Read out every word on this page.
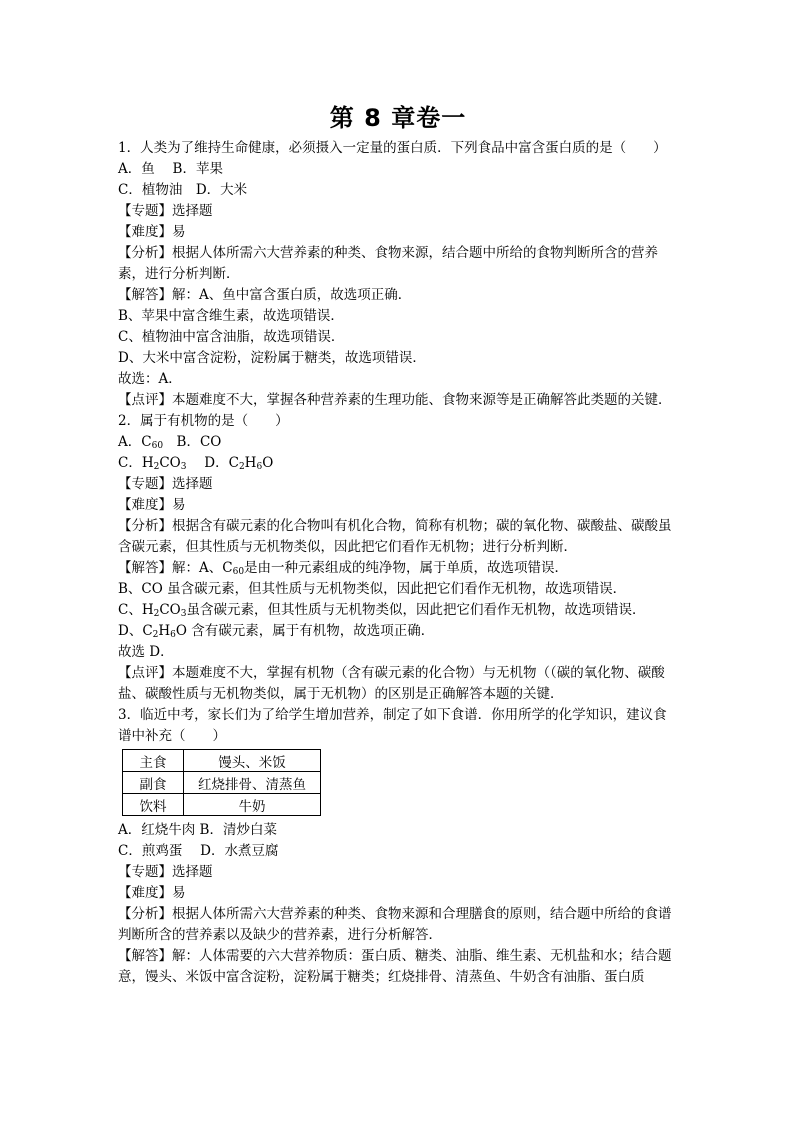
第 8 章卷一

1．人类为了维持生命健康，必须摄入一定量的蛋白质．下列食品中富含蛋白质的是（　　）

A．鱼　 B．苹果

C．植物油　D．大米

【专题】选择题

【难度】易

【分析】根据人体所需六大营养素的种类、食物来源，结合题中所给的食物判断所含的营养素，进行分析判断．

【解答】解：A、鱼中富含蛋白质，故选项正确．

B、苹果中富含维生素，故选项错误．

C、植物油中富含油脂，故选项错误．

D、大米中富含淀粉，淀粉属于糖类，故选项错误．

故选：A．

【点评】本题难度不大，掌握各种营养素的生理功能、食物来源等是正确解答此类题的关键．

2．属于有机物的是（　　）

A．$C_{60}$　B．CO

C．$H_2CO_3$　 D．$C_2H_6O$

【专题】选择题

【难度】易

【分析】根据含有碳元素的化合物叫有机化合物，简称有机物；碳的氧化物、碳酸盐、碳酸虽含碳元素，但其性质与无机物类似，因此把它们看作无机物；进行分析判断．

【解答】解：A、$C_{60}$是由一种元素组成的纯净物，属于单质，故选项错误．

B、CO 虽含碳元素，但其性质与无机物类似，因此把它们看作无机物，故选项错误．

C、$H_2CO_3$虽含碳元素，但其性质与无机物类似，因此把它们看作无机物，故选项错误．

D、$C_2H_6O$ 含有碳元素，属于有机物，故选项正确．

故选 D．

【点评】本题难度不大，掌握有机物（含有碳元素的化合物）与无机物（（碳的氧化物、碳酸盐、碳酸性质与无机物类似，属于无机物）的区别是正确解答本题的关键．

3．临近中考，家长们为了给学生增加营养，制定了如下食谱．你用所学的化学知识，建议食谱中补充（　　）

主食	馒头、米饭
副食	红烧排骨、清蒸鱼
饮料	牛奶

A．红烧牛肉 B．清炒白菜

C．煎鸡蛋　 D．水煮豆腐

【专题】选择题

【难度】易

【分析】根据人体所需六大营养素的种类、食物来源和合理膳食的原则，结合题中所给的食谱判断所含的营养素以及缺少的营养素，进行分析解答．

【解答】解：人体需要的六大营养物质：蛋白质、糖类、油脂、维生素、无机盐和水；结合题意，馒头、米饭中富含淀粉，淀粉属于糖类；红烧排骨、清蒸鱼、牛奶含有油脂、蛋白质
